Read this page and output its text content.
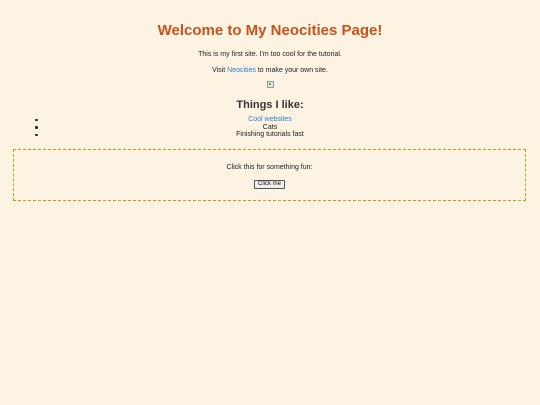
Welcome to My Neocities Page!

This is my first site. I'm too cool for the tutorial.

Visit Neocities to make your own site.

Things I like:
Cool websites
Cats
Finishing tutorials fast
Click this for something fun:
Click me
